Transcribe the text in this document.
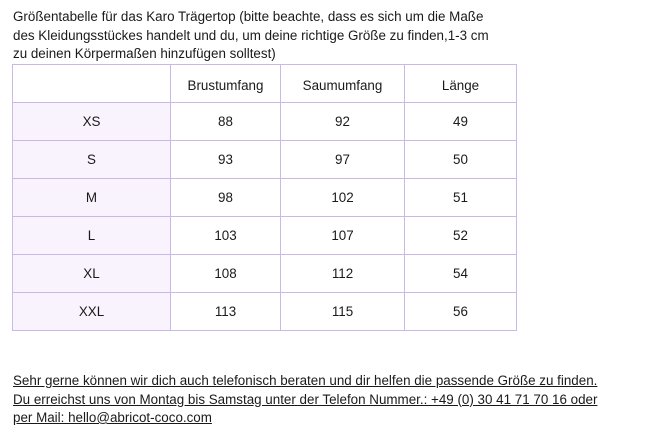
Größentabelle für das Karo Trägertop (bitte beachte, dass es sich um die Maße
des Kleidungsstückes handelt und du, um deine richtige Größe zu finden,1-3 cm
zu deinen Körpermaßen hinzufügen solltest)

	Brustumfang	Saumumfang	Länge
XS	88	92	49
S	93	97	50
M	98	102	51
L	103	107	52
XL	108	112	54
XXL	113	115	56

Sehr gerne können wir dich auch telefonisch beraten und dir helfen die passende Größe zu finden.
Du erreichst uns von Montag bis Samstag unter der Telefon Nummer.: +49 (0) 30 41 71 70 16 oder
per Mail: hello@abricot-coco.com
